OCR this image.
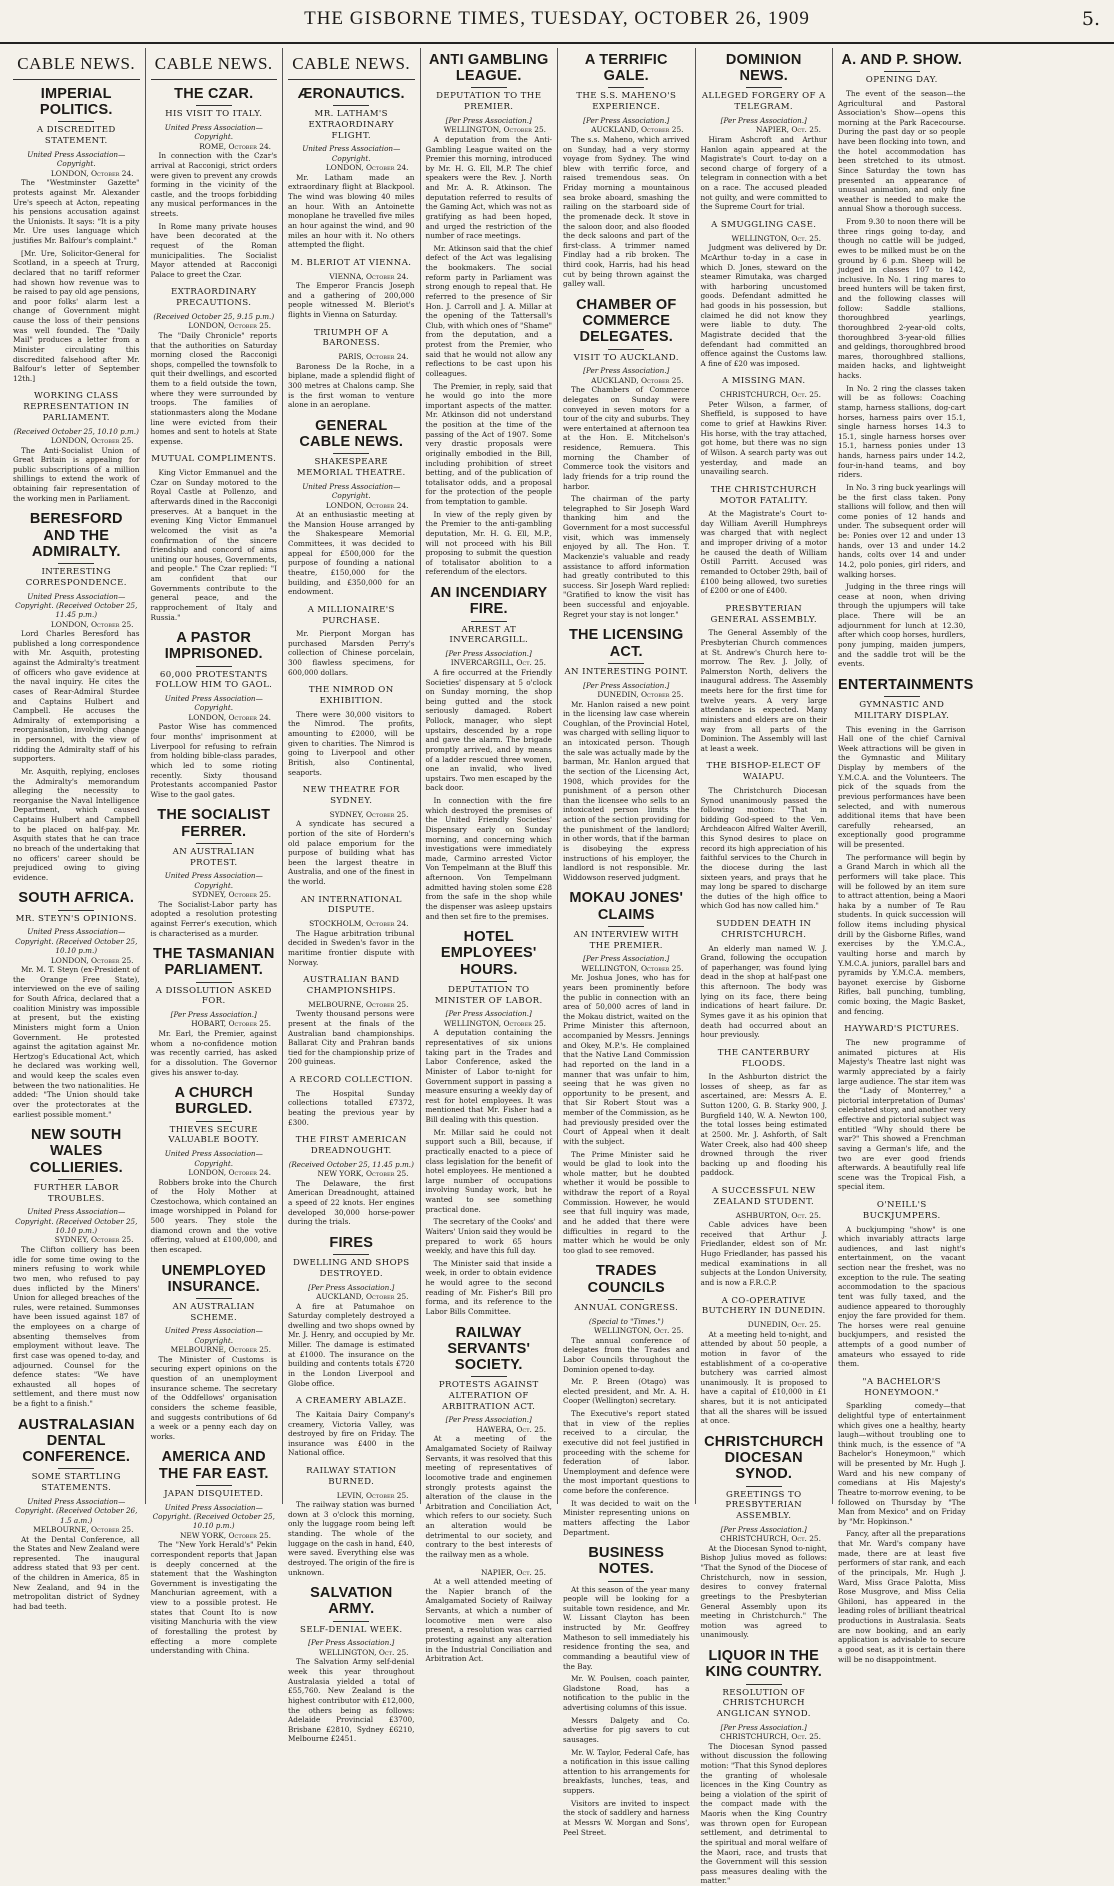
THE GISBORNE TIMES, TUESDAY, OCTOBER 26, 1909	5.
CABLE NEWS.
IMPERIAL POLITICS.
A DISCREDITED STATEMENT.
United Press Association—Copyright.
LONDON, October 24.

The "Westminster Gazette" protests against Mr. Alexander Ure's speech at Acton, repeating his pensions accusation against the Unionists. It says: "It is a pity Mr. Ure uses language which justifies Mr. Balfour's complaint."

[Mr. Ure, Solicitor-General for Scotland, in a speech at Trurg, declared that no tariff reformer had shown how revenue was to be raised to pay old age pensions, and poor folks' alarm lest a change of Government might cause the loss of their pensions was well founded. The "Daily Mail" produces a letter from a Minister circulating this discredited falsehood after Mr. Balfour's letter of September 12th.]

WORKING CLASS REPRESENTATION IN PARLIAMENT.
(Received October 25, 10.10 p.m.)
LONDON, October 25.

The Anti-Socialist Union of Great Britain is appealing for public subscriptions of a million shillings to extend the work of obtaining fair representation of the working men in Parliament.

BERESFORD AND THE ADMIRALTY.
INTERESTING CORRESPONDENCE.
United Press Association—Copyright. (Received October 25, 11.45 p.m.)
LONDON, October 25.

Lord Charles Beresford has published a long correspondence with Mr. Asquith, protesting against the Admiralty's treatment of officers who gave evidence at the naval inquiry. He cites the cases of Rear-Admiral Sturdee and Captains Hulbert and Campbell. He accuses the Admiralty of extemporising a reorganisation, involving change in personnel, with the view of ridding the Admiralty staff of his supporters.

Mr. Asquith, replying, encloses the Admiralty's memorandum alleging the necessity to reorganise the Naval Intelligence Department, which caused Captains Hulbert and Campbell to be placed on half-pay. Mr. Asquith states that he can trace no breach of the undertaking that no officers' career should be prejudiced owing to giving evidence.

SOUTH AFRICA.
MR. STEYN'S OPINIONS.
United Press Association—Copyright. (Received October 25, 10.10 p.m.)
LONDON, October 25.

Mr. M. T. Steyn (ex-President of the Orange Free State), interviewed on the eve of sailing for South Africa, declared that a coalition Ministry was impossible at present, but the existing Ministers might form a Union Government. He protested against the agitation against Mr. Hertzog's Educational Act, which he declared was working well, and would keep the scales even between the two nationalities. He added: "The Union should take over the protectorates at the earliest possible moment."

NEW SOUTH WALES COLLIERIES.
FURTHER LABOR TROUBLES.
United Press Association—Copyright. (Received October 25, 10.10 p.m.)
SYDNEY, October 25.

The Clifton colliery has been idle for some time owing to the miners refusing to work while two men, who refused to pay dues inflicted by the Miners' Union for alleged breaches of the rules, were retained. Summonses have been issued against 187 of the employees on a charge of absenting themselves from employment without leave. The first case was opened to-day, and adjourned. Counsel for the defence states: "We have exhausted all hopes of settlement, and there must now be a fight to a finish."

AUSTRALASIAN DENTAL CONFERENCE.
SOME STARTLING STATEMENTS.
United Press Association—Copyright. (Received October 26, 1.5 a.m.)
MELBOURNE, October 25.

At the Dental Conference, all the States and New Zealand were represented. The inaugural address stated that 93 per cent. of the children in America, 85 in New Zealand, and 94 in the metropolitan district of Sydney had bad teeth.

CABLE NEWS.
THE CZAR.
HIS VISIT TO ITALY.
United Press Association—Copyright.
ROME, October 24.

In connection with the Czar's arrival at Racconigi, strict orders were given to prevent any crowds forming in the vicinity of the castle, and the troops forbidding any musical performances in the streets.

In Rome many private houses have been decorated at the request of the Roman municipalities. The Socialist Mayor attended at Racconigi Palace to greet the Czar.

EXTRAORDINARY PRECAUTIONS.
(Received October 25, 9.15 p.m.)
LONDON, October 25.

The "Daily Chronicle" reports that the authorities on Saturday morning closed the Racconigi shops, compelled the townsfolk to quit their dwellings, and escorted them to a field outside the town, where they were surrounded by troops. The families of stationmasters along the Modane line were evicted from their homes and sent to hotels at State expense.

MUTUAL COMPLIMENTS.

King Victor Emmanuel and the Czar on Sunday motored to the Royal Castle at Pollenzo, and afterwards dined in the Racconigi preserves. At a banquet in the evening King Victor Emmanuel welcomed the visit as "a confirmation of the sincere friendship and concord of aims uniting our houses, Governments, and people." The Czar replied: "I am confident that our Governments contribute to the general peace, and the rapprochement of Italy and Russia."

A PASTOR IMPRISONED.
60,000 PROTESTANTS FOLLOW HIM TO GAOL.
United Press Association—Copyright.
LONDON, October 24.

Pastor Wise has commenced four months' imprisonment at Liverpool for refusing to refrain from holding bible-class parades, which led to some rioting recently. Sixty thousand Protestants accompanied Pastor Wise to the gaol gates.

THE SOCIALIST FERRER.
AN AUSTRALIAN PROTEST.
United Press Association—Copyright.
SYDNEY, October 25.

The Socialist-Labor party has adopted a resolution protesting against Ferrer's execution, which is characterised as a murder.

THE TASMANIAN PARLIAMENT.
A DISSOLUTION ASKED FOR.
[Per Press Association.]
HOBART, October 25.

Mr. Earl, the Premier, against whom a no-confidence motion was recently carried, has asked for a dissolution. The Governor gives his answer to-day.

A CHURCH BURGLED.
THIEVES SECURE VALUABLE BOOTY.
United Press Association—Copyright.
LONDON, October 24.

Robbers broke into the Church of the Holy Mother at Czestochowa, which contained an image worshipped in Poland for 500 years. They stole the diamond crown and the votive offering, valued at £100,000, and then escaped.

UNEMPLOYED INSURANCE.
AN AUSTRALIAN SCHEME.
United Press Association—Copyright.
MELBOURNE, October 25.

The Minister of Customs is securing expert opinions on the question of an unemployment insurance scheme. The secretary of the Oddfellows' organisation considers the scheme feasible, and suggests contributions of 6d a week or a penny each day on works.

AMERICA AND THE FAR EAST.
JAPAN DISQUIETED.
United Press Association—Copyright. (Received October 25, 10.10 p.m.)
NEW YORK, October 25.

The "New York Herald's" Pekin correspondent reports that Japan is deeply concerned at the statement that the Washington Government is investigating the Manchurian agreement, with a view to a possible protest. He states that Count Ito is now visiting Manchuria with the view of forestalling the protest by effecting a more complete understanding with China.

CABLE NEWS.
ÆRONAUTICS.
MR. LATHAM'S EXTRAORDINARY FLIGHT.
United Press Association—Copyright.
LONDON, October 24.

Mr. Latham made an extraordinary flight at Blackpool. The wind was blowing 40 miles an hour. With an Antoinette monoplane he travelled five miles an hour against the wind, and 90 miles an hour with it. No others attempted the flight.

M. BLERIOT AT VIENNA.
VIENNA, October 24.

The Emperor Francis Joseph and a gathering of 200,000 people witnessed M. Bleriot's flights in Vienna on Saturday.

TRIUMPH OF A BARONESS.
PARIS, October 24.

Baroness De la Roche, in a biplane, made a splendid flight of 300 metres at Chalons camp. She is the first woman to venture alone in an aeroplane.

GENERAL CABLE NEWS.
SHAKESPEARE MEMORIAL THEATRE.
United Press Association—Copyright.
LONDON, October 24.

At an enthusiastic meeting at the Mansion House arranged by the Shakespeare Memorial Committees, it was decided to appeal for £500,000 for the purpose of founding a national theatre, £150,000 for the building, and £350,000 for an endowment.

A MILLIONAIRE'S PURCHASE.

Mr. Pierpont Morgan has purchased Marsden Perry's collection of Chinese porcelain, 300 flawless specimens, for 600,000 dollars.

THE NIMROD ON EXHIBITION.

There were 30,000 visitors to the Nimrod. The profits, amounting to £2000, will be given to charities. The Nimrod is going to Liverpool and other British, also Continental, seaports.

NEW THEATRE FOR SYDNEY.
SYDNEY, October 25.

A syndicate has secured a portion of the site of Hordern's old palace emporium for the purpose of building what has been the largest theatre in Australia, and one of the finest in the world.

AN INTERNATIONAL DISPUTE.
STOCKHOLM, October 24.

The Hague arbitration tribunal decided in Sweden's favor in the maritime frontier dispute with Norway.

AUSTRALIAN BAND CHAMPIONSHIPS.
MELBOURNE, October 25.

Twenty thousand persons were present at the finals of the Australian band championships. Ballarat City and Prahran bands tied for the championship prize of 200 guineas.

A RECORD COLLECTION.

The Hospital Sunday collections totalled £7372, beating the previous year by £300.

THE FIRST AMERICAN DREADNOUGHT.
(Received October 25, 11.45 p.m.)
NEW YORK, October 25.

The Delaware, the first American Dreadnought, attained a speed of 22 knots. Her engines developed 30,000 horse-power during the trials.

FIRES
DWELLING AND SHOPS DESTROYED.
[Per Press Association.]
AUCKLAND, October 25.

A fire at Patumahoe on Saturday completely destroyed a dwelling and two shops owned by Mr. J. Henry, and occupied by Mr. Miller. The damage is estimated at £1000. The insurance on the building and contents totals £720 in the London Liverpool and Globe office.

A CREAMERY ABLAZE.

The Kaitaia Dairy Company's creamery, Victoria Valley, was destroyed by fire on Friday. The insurance was £400 in the National office.

RAILWAY STATION BURNED.
LEVIN, October 25.

The railway station was burned down at 3 o'clock this morning, only the luggage room being left standing. The whole of the luggage on the cash in hand, £40, were saved. Everything else was destroyed. The origin of the fire is unknown.

SALVATION ARMY.
SELF-DENIAL WEEK.
[Per Press Association.]
WELLINGTON, Oct. 25.

The Salvation Army self-denial week this year throughout Australasia yielded a total of £55,760. New Zealand is the highest contributor with £12,000, the others being as follows: Adelaide Provincial £3700, Brisbane £2810, Sydney £6210, Melbourne £2451.

ANTI GAMBLING LEAGUE.
DEPUTATION TO THE PREMIER.
[Per Press Association.]
WELLINGTON, October 25.

A deputation from the Anti-Gambling League waited on the Premier this morning, introduced by Mr. H. G. Ell, M.P. The chief speakers were the Rev. J. North and Mr. A. R. Atkinson. The deputation referred to results of the Gaming Act, which was not as gratifying as had been hoped, and urged the restriction of the number of race meetings.

Mr. Atkinson said that the chief defect of the Act was legalising the bookmakers. The social reform party in Parliament was strong enough to repeal that. He referred to the presence of Sir Hon. J. Carroll and J. A. Millar at the opening of the Tattersall's Club, with which ones of "Shame" from the deputation, and a protest from the Premier, who said that he would not allow any reflections to be cast upon his colleagues.

The Premier, in reply, said that he would go into the more important aspects of the matter. Mr. Atkinson did not understand the position at the time of the passing of the Act of 1907. Some very drastic proposals were originally embodied in the Bill, including prohibition of street betting, and of the publication of totalisator odds, and a proposal for the protection of the people from temptation to gamble.

In view of the reply given by the Premier to the anti-gambling deputation, Mr. H. G. Ell, M.P., will not proceed with his Bill proposing to submit the question of totalisator abolition to a referendum of the electors.

AN INCENDIARY FIRE.
ARREST AT INVERCARGILL.
[Per Press Association.]
INVERCARGILL, Oct. 25.

A fire occurred at the Friendly Societies' dispensary at 5 o'clock on Sunday morning, the shop being gutted and the stock seriously damaged. Robert Pollock, manager, who slept upstairs, descended by a rope and gave the alarm. The brigade promptly arrived, and by means of a ladder rescued three women, one an invalid, who lived upstairs. Two men escaped by the back door.

In connection with the fire which destroyed the premises of the United Friendly Societies' Dispensary early on Sunday morning, and concerning which investigations were immediately made, Carmino arrested Victor Von Tempelmann at the Bluff this afternoon. Von Tempelmann admitted having stolen some £28 from the safe in the shop while the dispenser was asleep upstairs and then set fire to the premises.

HOTEL EMPLOYEES' HOURS.
DEPUTATION TO MINISTER OF LABOR.
[Per Press Association.]
WELLINGTON, October 25.

A deputation containing the representatives of six unions taking part in the Trades and Labor Conference, asked the Minister of Labor to-night for Government support in passing a measure ensuring a weekly day of rest for hotel employees. It was mentioned that Mr. Fisher had a Bill dealing with this question.

Mr. Millar said he could not support such a Bill, because, if practically enacted to a piece of class legislation for the benefit of hotel employees. He mentioned a large number of occupations involving Sunday work, but he wanted to see something practical done.

The secretary of the Cooks' and Waiters' Union said they would be prepared to work 65 hours weekly, and have this full day.

The Minister said that inside a week, in order to obtain evidence he would agree to the second reading of Mr. Fisher's Bill pro forma, and its reference to the Labor Bills Committee.

RAILWAY SERVANTS' SOCIETY.
PROTESTS AGAINST ALTERATION OF ARBITRATION ACT.
[Per Press Association.]
HAWERA, Oct. 25.

At a meeting of the Amalgamated Society of Railway Servants, it was resolved that this meeting of representatives of locomotive trade and enginemen strongly protests against the alteration of the clause in the Arbitration and Conciliation Act, which refers to our society. Such an alteration would be detrimental to our society, and contrary to the best interests of the railway men as a whole.

NAPIER, Oct. 25.

At a well attended meeting of the Napier branch of the Amalgamated Society of Railway Servants, at which a number of locomotive men were also present, a resolution was carried protesting against any alteration in the Industrial Conciliation and Arbitration Act.

A TERRIFIC GALE.
THE S.S. MAHENO'S EXPERIENCE.
[Per Press Association.]
AUCKLAND, October 25.

The s.s. Maheno, which arrived on Sunday, had a very stormy voyage from Sydney. The wind blew with terrific force, and raised tremendous seas. On Friday morning a mountainous sea broke aboard, smashing the railing on the starboard side of the promenade deck. It stove in the saloon door, and also flooded the deck saloons and part of the first-class. A trimmer named Findlay had a rib broken. The third cook, Harris, had his head cut by being thrown against the galley wall.

CHAMBER OF COMMERCE DELEGATES.
VISIT TO AUCKLAND.
[Per Press Association.]
AUCKLAND, October 25.

The Chambers of Commerce delegates on Sunday were conveyed in seven motors for a tour of the city and suburbs. They were entertained at afternoon tea at the Hon. E. Mitchelson's residence, Remuera. This morning the Chamber of Commerce took the visitors and lady friends for a trip round the harbor.

The chairman of the party telegraphed to Sir Joseph Ward thanking him and the Government for a most successful visit, which was immensely enjoyed by all. The Hon. T. Mackenzie's valuable and ready assistance to afford information had greatly contributed to this success. Sir Joseph Ward replied: "Gratified to know the visit has been successful and enjoyable. Regret your stay is not longer."

THE LICENSING ACT.
AN INTERESTING POINT.
[Per Press Association.]
DUNEDIN, October 25.

Mr. Hanlon raised a new point in the licensing law case wherein Coughlan, of the Provincial Hotel, was charged with selling liquor to an intoxicated person. Though the sale was actually made by the barman, Mr. Hanlon argued that the section of the Licensing Act, 1908, which provides for the punishment of a person other than the licensee who sells to an intoxicated person limits the action of the section providing for the punishment of the landlord; in other words, that if the barman is disobeying the express instructions of his employer, the landlord is not responsible. Mr. Widdowson reserved judgment.

MOKAU JONES' CLAIMS
AN INTERVIEW WITH THE PREMIER.
[Per Press Association.]
WELLINGTON, October 25.

Mr. Joshua Jones, who has for years been prominently before the public in connection with an area of 50,000 acres of land in the Mokau district, waited on the Prime Minister this afternoon, accompanied by Messrs. Jennings and Okey, M.P.'s. He complained that the Native Land Commission had reported on the land in a manner that was unfair to him, seeing that he was given no opportunity to be present, and that Sir Robert Stout was a member of the Commission, as he had previously presided over the Court of Appeal when it dealt with the subject.

The Prime Minister said he would be glad to look into the whole matter, but he doubted whether it would be possible to withdraw the report of a Royal Commission. However, he would see that full inquiry was made, and he added that there were difficulties in regard to the matter which he would be only too glad to see removed.

TRADES COUNCILS
ANNUAL CONGRESS.
(Special to "Times.")
WELLINGTON, Oct. 25.

The annual conference of delegates from the Trades and Labor Councils throughout the Dominion opened to-day.

Mr. P. Breen (Otago) was elected president, and Mr. A. H. Cooper (Wellington) secretary.

The Executive's report stated that in view of the replies received to a circular, the executive did not feel justified in proceeding with the scheme for federation of labor. Unemployment and defence were the most important questions to come before the conference.

It was decided to wait on the Minister representing unions on matters affecting the Labor Department.

BUSINESS NOTES.

At this season of the year many people will be looking for a suitable town residence, and Mr. W. Lissant Clayton has been instructed by Mr. Geoffrey Matheson to sell immediately his residence fronting the sea, and commanding a beautiful view of the Bay.

Mr. W. Poulsen, coach painter, Gladstone Road, has a notification to the public in the advertising columns of this issue.

Messrs Dalgety and Co. advertise for pig savers to cut sausages.

Mr. W. Taylor, Federal Cafe, has a notification in this issue calling attention to his arrangements for breakfasts, lunches, teas, and suppers.

Visitors are invited to inspect the stock of saddlery and harness at Messrs W. Morgan and Sons', Peel Street.

DOMINION NEWS.
ALLEGED FORGERY OF A TELEGRAM.
[Per Press Association.]
NAPIER, Oct. 25.

Hiram Ashcroft and Arthur Hanlon again appeared at the Magistrate's Court to-day on a second charge of forgery of a telegram in connection with a bet on a race. The accused pleaded not guilty, and were committed to the Supreme Court for trial.

A SMUGGLING CASE.
WELLINGTON, Oct. 25.

Judgment was delivered by Dr. McArthur to-day in a case in which D. Jones, steward on the steamer Rimutaka, was charged with harboring uncustomed goods. Defendant admitted he had goods in his possession, but claimed he did not know they were liable to duty. The Magistrate decided that the defendant had committed an offence against the Customs law. A fine of £20 was imposed.

A MISSING MAN.
CHRISTCHURCH, Oct. 25.

Peter Wilson, a farmer, of Sheffield, is supposed to have come to grief at Hawkins River. His horse, with the tray attached, got home, but there was no sign of Wilson. A search party was out yesterday, and made an unavailing search.

THE CHRISTCHURCH MOTOR FATALITY.

At the Magistrate's Court to-day William Averill Humphreys was charged that with neglect and improper driving of a motor he caused the death of William Ostill Parritt. Accused was remanded to October 29th, bail of £100 being allowed, two sureties of £200 or one of £400.

PRESBYTERIAN GENERAL ASSEMBLY.

The General Assembly of the Presbyterian Church commences at St. Andrew's Church here to-morrow. The Rev. J. Jolly, of Palmerston North, delivers the inaugural address. The Assembly meets here for the first time for twelve years. A very large attendance is expected. Many ministers and elders are on their way from all parts of the Dominion. The Assembly will last at least a week.

THE BISHOP-ELECT OF WAIAPU.

The Christchurch Diocesan Synod unanimously passed the following motion: "That in bidding God-speed to the Ven. Archdeacon Alfred Walter Averill, this Synod desires to place on record its high appreciation of his faithful services to the Church in the diocese during the last sixteen years, and prays that he may long be spared to discharge the duties of the high office to which God has now called him."

SUDDEN DEATH IN CHRISTCHURCH.

An elderly man named W. J. Grand, following the occupation of paperhanger, was found lying dead in the shop at half-past one this afternoon. The body was lying on its face, there being indications of heart failure. Dr. Symes gave it as his opinion that death had occurred about an hour previously.

THE CANTERBURY FLOODS.

In the Ashburton district the losses of sheep, as far as ascertained, are: Messrs A. E. Sutton 1200, G. B. Starky 900, J. Burgfield 140, W. A. Newton 100, the total losses being estimated at 2500. Mr. J. Ashforth, of Salt Water Creek, also had 400 sheep drowned through the river backing up and flooding his paddock.

A SUCCESSFUL NEW ZEALAND STUDENT.
ASHBURTON, Oct. 25.

Cable advices have been received that Arthur J. Friedlander, eldest son of Mr. Hugo Friedlander, has passed his medical examinations in all subjects at the London University, and is now a F.R.C.P.

A CO-OPERATIVE BUTCHERY IN DUNEDIN.
DUNEDIN, Oct. 25.

At a meeting held to-night, and attended by about 50 people, a motion in favor of the establishment of a co-operative butchery was carried almost unanimously. It is proposed to have a capital of £10,000 in £1 shares, but it is not anticipated that all the shares will be issued at once.

CHRISTCHURCH DIOCESAN SYNOD.
GREETINGS TO PRESBYTERIAN ASSEMBLY.
[Per Press Association.]
CHRISTCHURCH, Oct. 25.

At the Diocesan Synod to-night, Bishop Julius moved as follows: "That the Synod of the Diocese of Christchurch, now in session, desires to convey fraternal greetings to the Presbyterian General Assembly upon its meeting in Christchurch." The motion was agreed to unanimously.

LIQUOR IN THE KING COUNTRY.
RESOLUTION OF CHRISTCHURCH ANGLICAN SYNOD.
[Per Press Association.]
CHRISTCHURCH, Oct. 25.

The Diocesan Synod passed without discussion the following motion: "That this Synod deplores the granting of wholesale licences in the King Country as being a violation of the spirit of the compact made with the Maoris when the King Country was thrown open for European settlement, and detrimental to the spiritual and moral welfare of the Maori, race, and trusts that the Government will this session pass measures dealing with the matter."

A. AND P. SHOW.
OPENING DAY.

The event of the season—the Agricultural and Pastoral Association's Show—opens this morning at the Park Racecourse. During the past day or so people have been flocking into town, and the hotel accommodation has been stretched to its utmost. Since Saturday the town has presented an appearance of unusual animation, and only fine weather is needed to make the annual Show a thorough success.

From 9.30 to noon there will be three rings going to-day, and though no cattle will be judged, ewes to be milked must be on the ground by 6 p.m. Sheep will be judged in classes 107 to 142, inclusive. In No. 1 ring mares to breed hunters will be taken first, and the following classes will follow: Saddle stallions, thoroughbred yearlings, thoroughbred 2-year-old colts, thoroughbred 3-year-old fillies and geldings, thoroughbred brood mares, thoroughbred stallions, maiden hacks, and lightweight hacks.

In No. 2 ring the classes taken will be as follows: Coaching stamp, harness stallions, dog-cart horses, harness pairs over 15.1, single harness horses 14.3 to 15.1, single harness horses over 15.1, harness ponies under 13 hands, harness pairs under 14.2, four-in-hand teams, and boy riders.

In No. 3 ring buck yearlings will be the first class taken. Pony stallions will follow, and then will come ponies of 12 hands and under. The subsequent order will be: Ponies over 12 and under 13 hands, over 13 and under 14.2 hands, colts over 14 and under 14.2, polo ponies, girl riders, and walking horses.

Judging in the three rings will cease at noon, when driving through the upjumpers will take place. There will be an adjournment for lunch at 12.30, after which coop horses, hurdlers, pony jumping, maiden jumpers, and the saddle trot will be the events.

ENTERTAINMENTS
GYMNASTIC AND MILITARY DISPLAY.

This evening in the Garrison Hall one of the chief Carnival Week attractions will be given in the Gymnastic and Military Display by members of the Y.M.C.A. and the Volunteers. The pick of the squads from the previous performances have been selected, and with numerous additional items that have been carefully rehearsed, an exceptionally good programme will be presented.

The performance will begin by a Grand March in which all the performers will take place. This will be followed by an item sure to attract attention, being a Maori haka by a number of Te Rau students. In quick succession will follow items including physical drill by the Gisborne Rifles, wand exercises by the Y.M.C.A., vaulting horse and march by Y.M.C.A. juniors, parallel bars and pyramids by Y.M.C.A. members, bayonet exercise by Gisborne Rifles, ball punching, tumbling, comic boxing, the Magic Basket, and fencing.

HAYWARD'S PICTURES.

The new programme of animated pictures at His Majesty's Theatre last night was warmly appreciated by a fairly large audience. The star item was the "Lady of Monterrey," a pictorial interpretation of Dumas' celebrated story, and another very effective and pictorial subject was entitled "Why should there be war?" This showed a Frenchman saving a German's life, and the two are ever good friends afterwards. A beautifully real life scene was the Tropical Fish, a special item.

O'NEILL'S BUCKJUMPERS.

A buckjumping "show" is one which invariably attracts large audiences, and last night's entertainment, on the vacant section near the freshet, was no exception to the rule. The seating accommodation to the spacious tent was fully taxed, and the audience appeared to thoroughly enjoy the fare provided for them. The horses were real genuine buckjumpers, and resisted the attempts of a good number of amateurs who essayed to ride them.

"A BACHELOR'S HONEYMOON."

Sparkling comedy—that delightful type of entertainment which gives one a healthy, hearty laugh—without troubling one to think much, is the essence of "A Bachelor's Honeymoon," which will be presented by Mr. Hugh J. Ward and his new company of comedians at His Majesty's Theatre to-morrow evening, to be followed on Thursday by "The Man from Mexico" and on Friday by "Mr. Hopkinson."

Fancy, after all the preparations that Mr. Ward's company have made, there are at least five performers of star rank, and each of the principals, Mr. Hugh J. Ward, Miss Grace Palotta, Miss Rose Musgrove, and Miss Celia Ghiloni, has appeared in the leading roles of brilliant theatrical productions in Australasia. Seats are now booking, and an early application is advisable to secure a good seat, as it is certain there will be no disappointment.
